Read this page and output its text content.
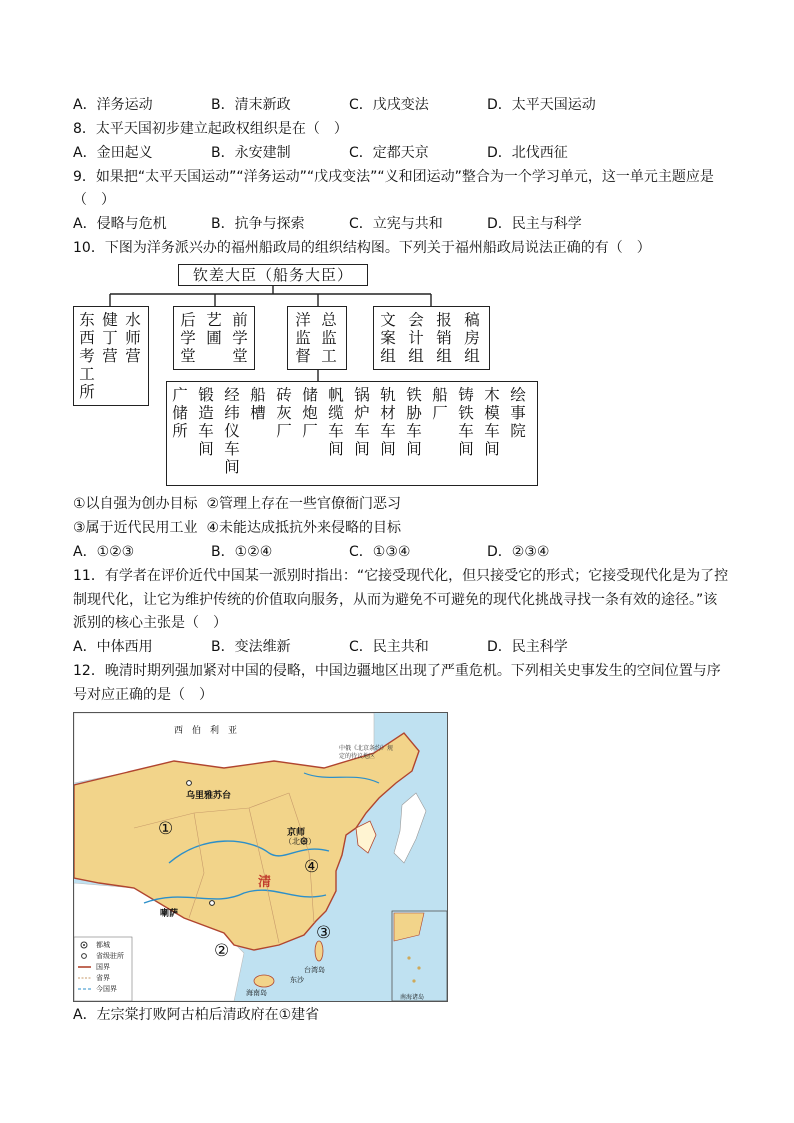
A．洋务运动	B．清末新政	C．戊戌变法	D．太平天国运动
8．太平天国初步建立起政权组织是在（　）
A．金田起义	B．永安建制	C．定都天京	D．北伐西征
9．如果把“太平天国运动”“洋务运动”“戊戌变法”“义和团运动”整合为一个学习单元，这一单元主题应是
（　）
A．侵略与危机	B．抗争与探索	C．立宪与共和	D．民主与科学
10．下图为洋务派兴办的福州船政局的组织结构图。下列关于福州船政局说法正确的有（　）
钦差大臣（船务大臣）
东西考工所
健丁营
水师营
后学堂
艺圃
前学堂
洋监督
总监工
文案组
会计组
报销组
稿房组
广储所
锻造车间
经纬仪车间
船槽
砖灰厂
储炮厂
帆缆车间
锅炉车间
轨材车间
铁胁车间
船厂
铸铁车间
木模车间
绘事院
①以自强为创办目标 ②管理上存在一些官僚衙门恶习
③属于近代民用工业 ④未能达成抵抗外来侵略的目标
A．①②③	B．①②④	C．①③④	D．②③④
11．有学者在评价近代中国某一派别时指出：“它接受现代化，但只接受它的形式；它接受现代化是为了控
制现代化，让它为维护传统的价值取向服务，从而为避免不可避免的现代化挑战寻找一条有效的途径。”该
派别的核心主张是（　）
A．中体西用	B．变法维新	C．民主共和	D．民主科学
12．晚清时期列强加紧对中国的侵略，中国边疆地区出现了严重危机。下列相关史事发生的空间位置与序
号对应正确的是（　）
西　伯　利　亚
中俄《北京条约》规定的待议地区
乌里雅苏台
京师
（北京）
清
喇萨
台湾岛
东沙
海南岛
南海诸岛
①
②
③
④
都城
省级驻所
国界
省界
今国界
A．左宗棠打败阿古柏后清政府在①建省
